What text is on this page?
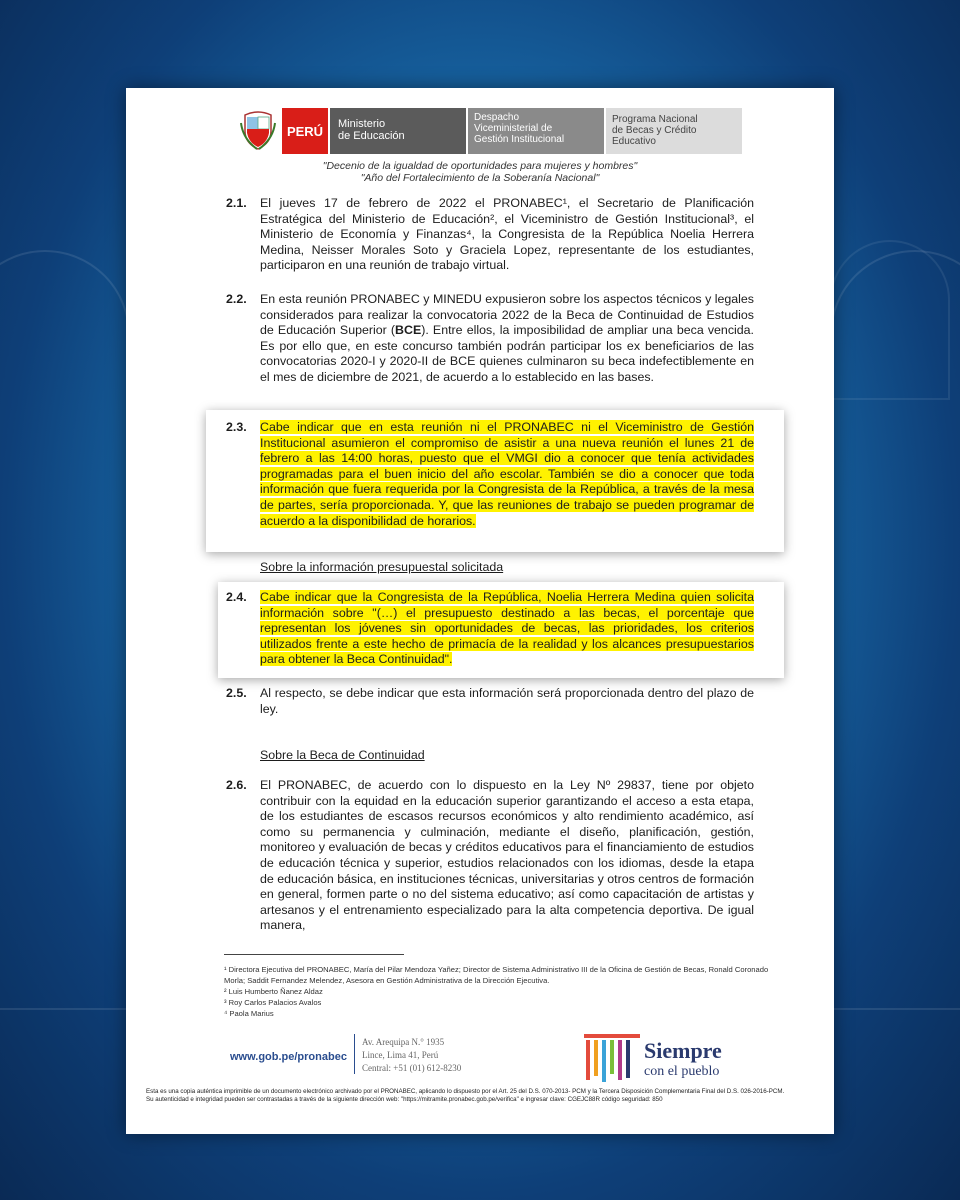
PERÚ Ministerio
de Educación
Despacho
Viceministerial de
Gestión Institucional
Programa Nacional
de Becas y Crédito
Educativo
"Decenio de la igualdad de oportunidades para mujeres y hombres"
"Año del Fortalecimiento de la Soberanía Nacional"
2.1. El jueves 17 de febrero de 2022 el PRONABEC¹, el Secretario de Planificación Estratégica del Ministerio de Educación², el Viceministro de Gestión Institucional³, el Ministerio de Economía y Finanzas⁴, la Congresista de la República Noelia Herrera Medina, Neisser Morales Soto y Graciela Lopez, representante de los estudiantes, participaron en una reunión de trabajo virtual.
2.2. En esta reunión PRONABEC y MINEDU expusieron sobre los aspectos técnicos y legales considerados para realizar la convocatoria 2022 de la Beca de Continuidad de Estudios de Educación Superior (BCE). Entre ellos, la imposibilidad de ampliar una beca vencida. Es por ello que, en este concurso también podrán participar los ex beneficiarios de las convocatorias 2020-I y 2020-II de BCE quienes culminaron su beca indefectiblemente en el mes de diciembre de 2021, de acuerdo a lo establecido en las bases.
2.3. Cabe indicar que en esta reunión ni el PRONABEC ni el Viceministro de Gestión Institucional asumieron el compromiso de asistir a una nueva reunión el lunes 21 de febrero a las 14:00 horas, puesto que el VMGI dio a conocer que tenía actividades programadas para el buen inicio del año escolar. También se dio a conocer que toda información que fuera requerida por la Congresista de la República, a través de la mesa de partes, sería proporcionada. Y, que las reuniones de trabajo se pueden programar de acuerdo a la disponibilidad de horarios.
Sobre la información presupuestal solicitada
2.4. Cabe indicar que la Congresista de la República, Noelia Herrera Medina quien solicita información sobre "(…) el presupuesto destinado a las becas, el porcentaje que representan los jóvenes sin oportunidades de becas, las prioridades, los criterios utilizados frente a este hecho de primacía de la realidad y los alcances presupuestarios para obtener la Beca Continuidad".
2.5. Al respecto, se debe indicar que esta información será proporcionada dentro del plazo de ley.
Sobre la Beca de Continuidad
2.6. El PRONABEC, de acuerdo con lo dispuesto en la Ley Nº 29837, tiene por objeto contribuir con la equidad en la educación superior garantizando el acceso a esta etapa, de los estudiantes de escasos recursos económicos y alto rendimiento académico, así como su permanencia y culminación, mediante el diseño, planificación, gestión, monitoreo y evaluación de becas y créditos educativos para el financiamiento de estudios de educación técnica y superior, estudios relacionados con los idiomas, desde la etapa de educación básica, en instituciones técnicas, universitarias y otros centros de formación en general, formen parte o no del sistema educativo; así como capacitación de artistas y artesanos y el entrenamiento especializado para la alta competencia deportiva. De igual manera,
¹ Directora Ejecutiva del PRONABEC, María del Pilar Mendoza Yañez; Director de Sistema Administrativo III de la Oficina de Gestión de Becas, Ronald Coronado Morla; Saddit Fernandez Melendez, Asesora en Gestión Administrativa de la Dirección Ejecutiva.
² Luis Humberto Ñanez Aldaz
³ Roy Carlos Palacios Avalos
⁴ Paola Marius
www.gob.pe/pronabec
Av. Arequipa N.° 1935
Lince, Lima 41, Perú
Central: +51 (01) 612-8230
Siempre
con el pueblo
Esta es una copia auténtica imprimible de un documento electrónico archivado por el PRONABEC, aplicando lo dispuesto por el Art. 25 del D.S. 070-2013- PCM y la Tercera Disposición Complementaria Final del D.S. 026-2016-PCM.
Su autenticidad e integridad pueden ser contrastadas a través de la siguiente dirección web: "https://mitramite.pronabec.gob.pe/verifica" e ingresar clave: CGEJC88R código seguridad: 850
